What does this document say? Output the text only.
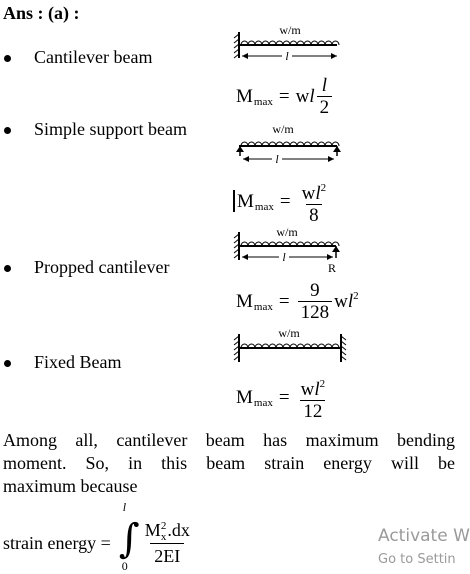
Ans : (a) :
Cantilever beam
Simple support beam
Propped cantilever
Fixed Beam
w/m
l
M max = w l $\frac{l}{2}$
w/m
l
M $\max = \frac{wl^2}{8}$
w/m
l
R
M $\max = \frac{9}{128} wl^2$
w/m
M $\max = \frac{wl^2}{12}$
Among all, cantilever beam has maximum bending
moment. So, in this beam strain energy will be
maximum because
strain energy =
l
∫
0 M 2
x .dx
2EI	Activate W
Go to Settin
